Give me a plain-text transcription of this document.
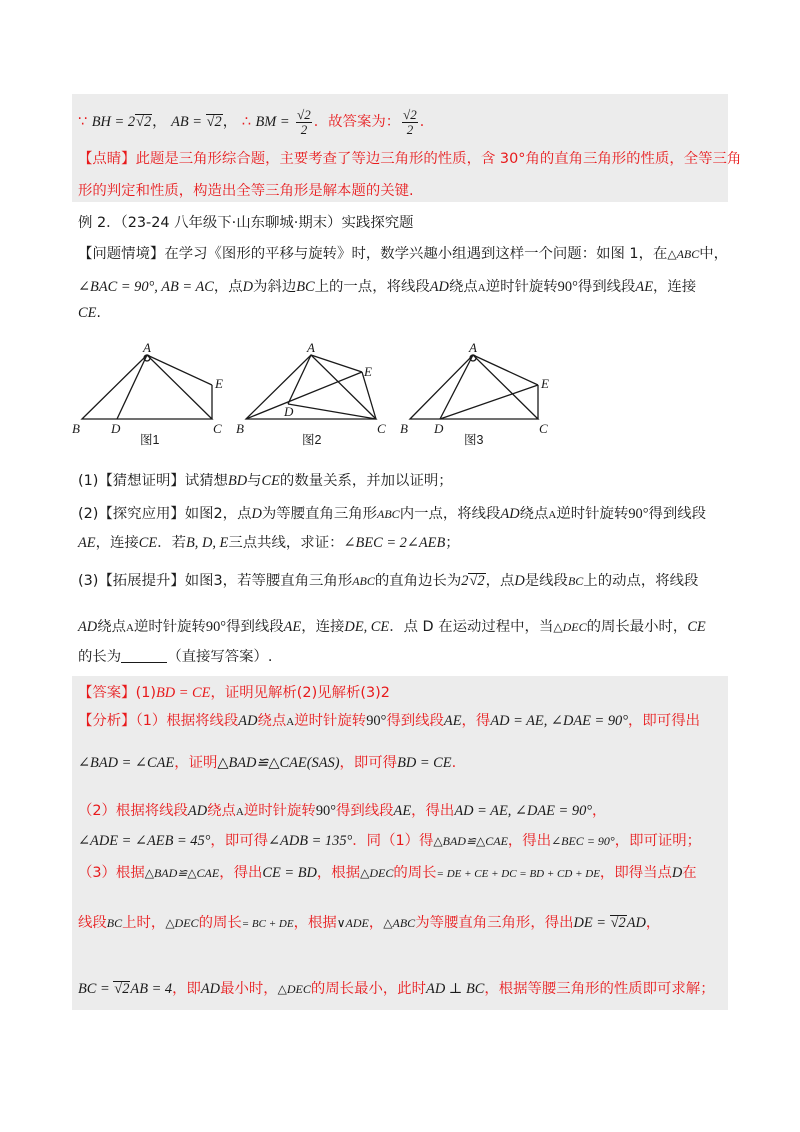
∵ BH = 2√2， AB = √2， ∴ BM = $\frac{√2}{2}$ ．故答案为： $\frac{√2}{2}$ ．
【点睛】此题是三角形综合题，主要考查了等边三角形的性质，含 30°角的直角三角形的性质，全等三角
形的判定和性质，构造出全等三角形是解本题的关键.
例 2．（23-24 八年级下·山东聊城·期末）实践探究题
【问题情境】在学习《图形的平移与旋转》时，数学兴趣小组遇到这样一个问题：如图 1，在△ABC中，
∠BAC = 90°, AB = AC，点D为斜边BC上的一点，将线段AD绕点A逆时针旋转90°得到线段AE，连接
CE.
A
B D	C
E
图1
A
B
D
C
E
图2
A
B D	C
E
图3
(1)【猜想证明】试猜想BD与CE的数量关系，并加以证明；
(2)【探究应用】如图2，点D为等腰直角三角形ABC内一点，将线段AD绕点A逆时针旋转90°得到线段
AE，连接CE．若B, D, E三点共线，求证：∠BEC = 2∠AEB；
(3)【拓展提升】如图3，若等腰直角三角形ABC的直角边长为2√2，点D是线段BC上的动点，将线段
AD绕点A逆时针旋转90°得到线段AE，连接DE, CE．点 D 在运动过程中，当△DEC的周长最小时，CE
的长为	（直接写答案）.
【答案】(1)BD = CE，证明见解析(2)见解析(3)2
【分析】（1）根据将线段AD绕点A逆时针旋转90°得到线段AE，得AD = AE, ∠DAE = 90°，即可得出
∠BAD = ∠CAE，证明△BAD≌△CAE(SAS)，即可得BD = CE.
（2）根据将线段AD绕点A逆时针旋转90°得到线段AE，得出AD = AE, ∠DAE = 90°，
∠ADE = ∠AEB = 45°，即可得∠ADB = 135°．同（1）得△BAD≌△CAE，得出∠BEC = 90°，即可证明；
（3）根据△BAD≌△CAE，得出CE = BD，根据△DEC的周长= DE + CE + DC = BD + CD + DE，即得当点D在
线段BC上时，△DEC的周长= BC + DE，根据∨ADE，△ABC为等腰直角三角形，得出DE = √2AD，
BC = √2AB = 4，即AD最小时，△DEC的周长最小，此时AD ⊥ BC，根据等腰三角形的性质即可求解；
